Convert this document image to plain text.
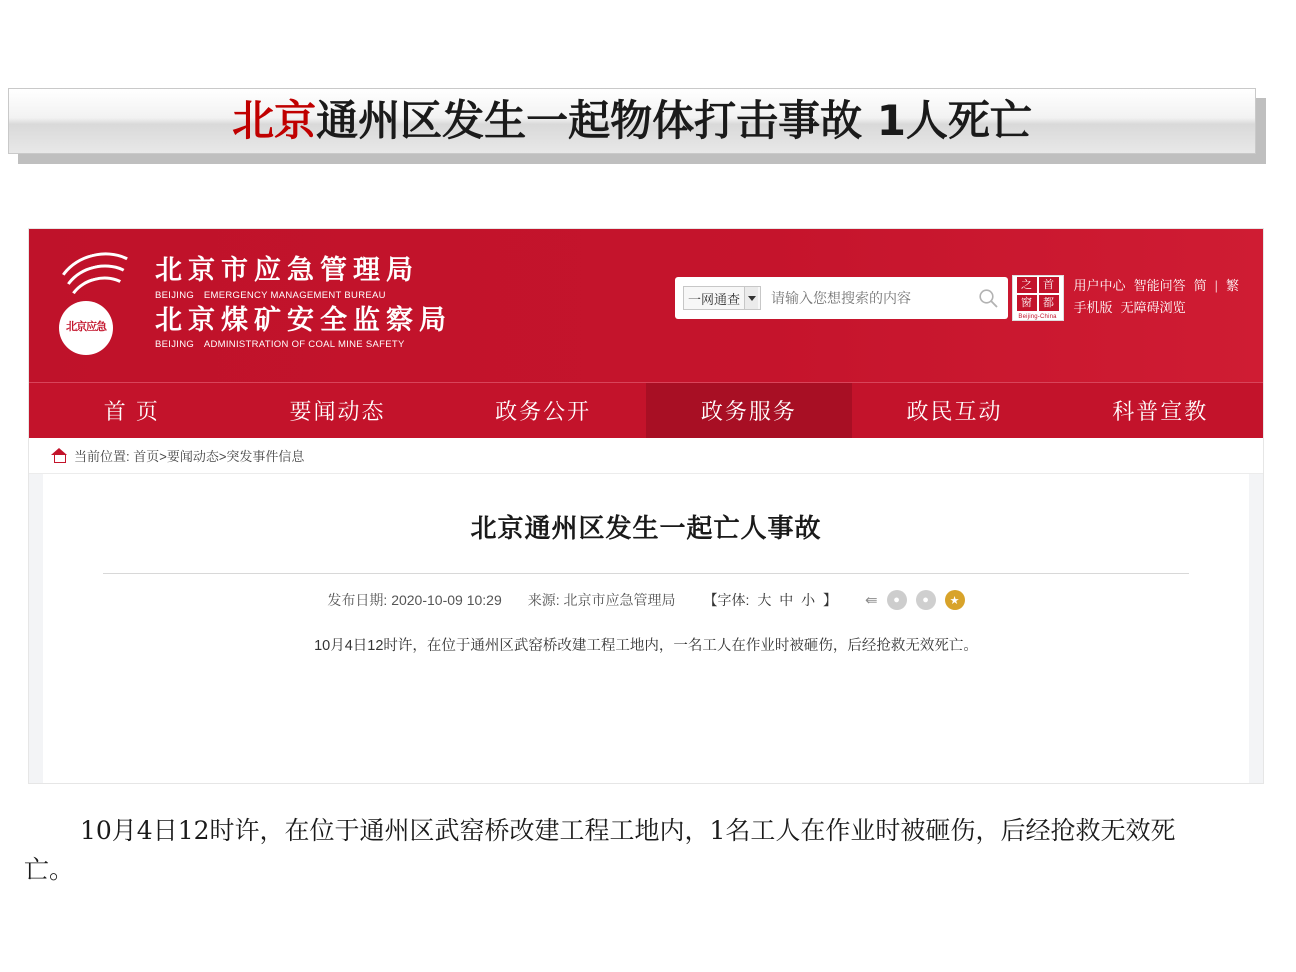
北京通州区发生一起物体打击事故 1人死亡
北京应急
北京市应急管理局
BEIJING　EMERGENCY MANAGEMENT BUREAU
北京煤矿安全监察局
BEIJING　ADMINISTRATION OF COAL MINE SAFETY
一网通查
请输入您想搜索的内容
之	首
窗	都
Beijing-China
用户中心 智能问答 简 | 繁
手机版 无障碍浏览
首 页	要闻动态	政务公开	政务服务	政民互动	科普宣教
当前位置: 首页>要闻动态>突发事件信息
北京通州区发生一起亡人事故
发布日期: 2020-10-09 10:29 来源: 北京市应急管理局 【字体: 大 中 小 】 ⇚	●	●	★
10月4日12时许，在位于通州区武窑桥改建工程工地内，一名工人在作业时被砸伤，后经抢救无效死亡。
10月4日12时许，在位于通州区武窑桥改建工程工地内，1名工人在作业时被砸伤，后经抢救无效死亡。
